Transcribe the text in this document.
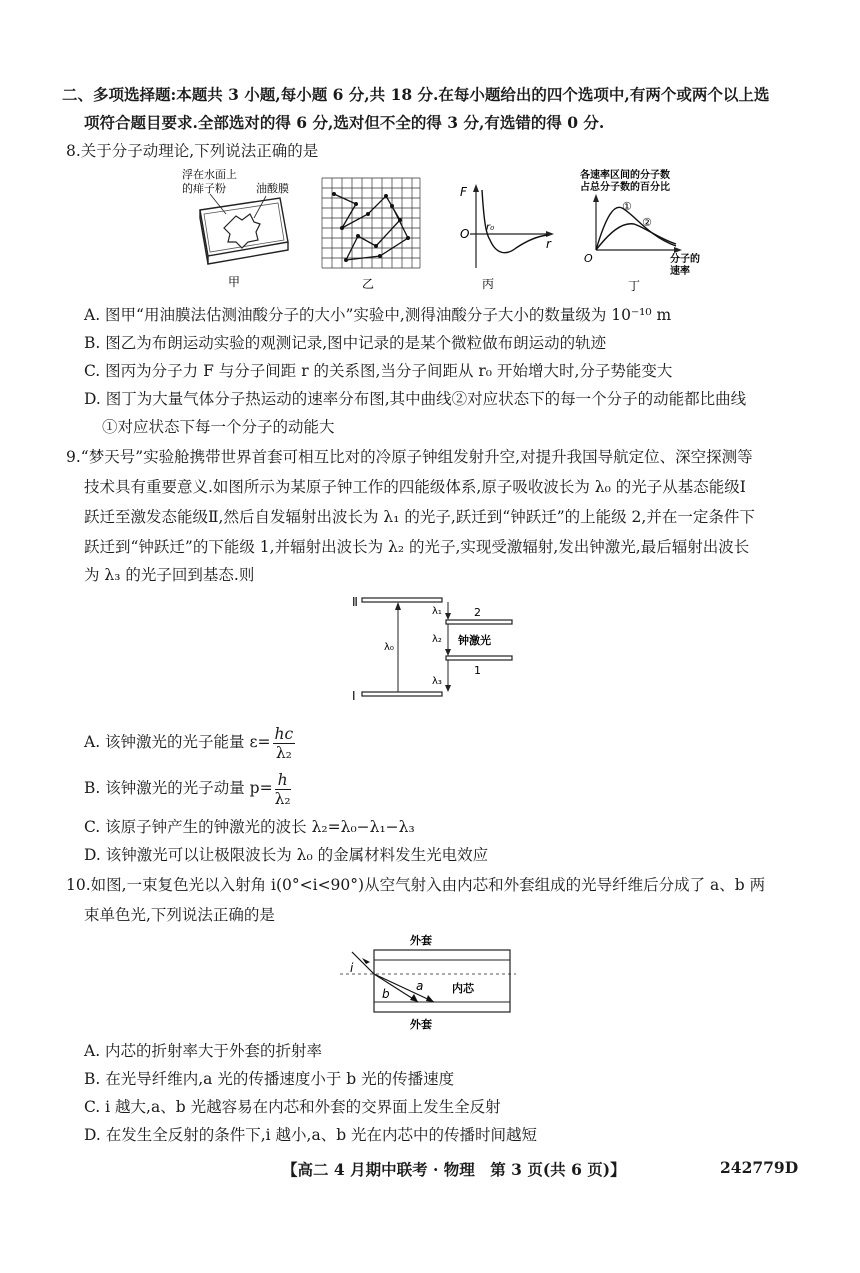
二、多项选择题:本题共 3 小题,每小题 6 分,共 18 分.在每小题给出的四个选项中,有两个或两个以上选
项符合题目要求.全部选对的得 6 分,选对但不全的得 3 分,有选错的得 0 分.
8.关于分子动理论,下列说法正确的是
浮在水面上
的痱子粉	油酸膜
甲	乙
F
O r₀
r
丙
各速率区间的分子数
占总分子数的百分比
①
②
O	分子的
速率
丁
A. 图甲“用油膜法估测油酸分子的大小”实验中,测得油酸分子大小的数量级为 10⁻¹⁰ m
B. 图乙为布朗运动实验的观测记录,图中记录的是某个微粒做布朗运动的轨迹
C. 图丙为分子力 F 与分子间距 r 的关系图,当分子间距从 r₀ 开始增大时,分子势能变大
D. 图丁为大量气体分子热运动的速率分布图,其中曲线②对应状态下的每一个分子的动能都比曲线
①对应状态下每一个分子的动能大
9.“梦天号”实验舱携带世界首套可相互比对的冷原子钟组发射升空,对提升我国导航定位、深空探测等
技术具有重要意义.如图所示为某原子钟工作的四能级体系,原子吸收波长为 λ₀ 的光子从基态能级Ⅰ
跃迁至激发态能级Ⅱ,然后自发辐射出波长为 λ₁ 的光子,跃迁到“钟跃迁”的上能级 2,并在一定条件下
跃迁到“钟跃迁”的下能级 1,并辐射出波长为 λ₂ 的光子,实现受激辐射,发出钟激光,最后辐射出波长
为 λ₃ 的光子回到基态.则
Ⅱ
Ⅰ
λ₀
λ₁
λ₂
λ₃
2
1
钟激光
A. 该钟激光的光子能量 $\varepsilon= \frac{hc}{\text{λ₂}}$
B. 该钟激光的光子动量 $p= \frac{h}{\text{λ₂}}$
C. 该原子钟产生的钟激光的波长 λ₂=λ₀−λ₁−λ₃
D. 该钟激光可以让极限波长为 λ₀ 的金属材料发生光电效应
10.如图,一束复色光以入射角 i(0°<i<90°)从空气射入由内芯和外套组成的光导纤维后分成了 a、b 两
束单色光,下列说法正确的是
外套
i
b
a	内芯
外套
A. 内芯的折射率大于外套的折射率
B. 在光导纤维内,a 光的传播速度小于 b 光的传播速度
C. i 越大,a、b 光越容易在内芯和外套的交界面上发生全反射
D. 在发生全反射的条件下,i 越小,a、b 光在内芯中的传播时间越短
【高二 4 月期中联考 · 物理　第 3 页(共 6 页)】	242779D
